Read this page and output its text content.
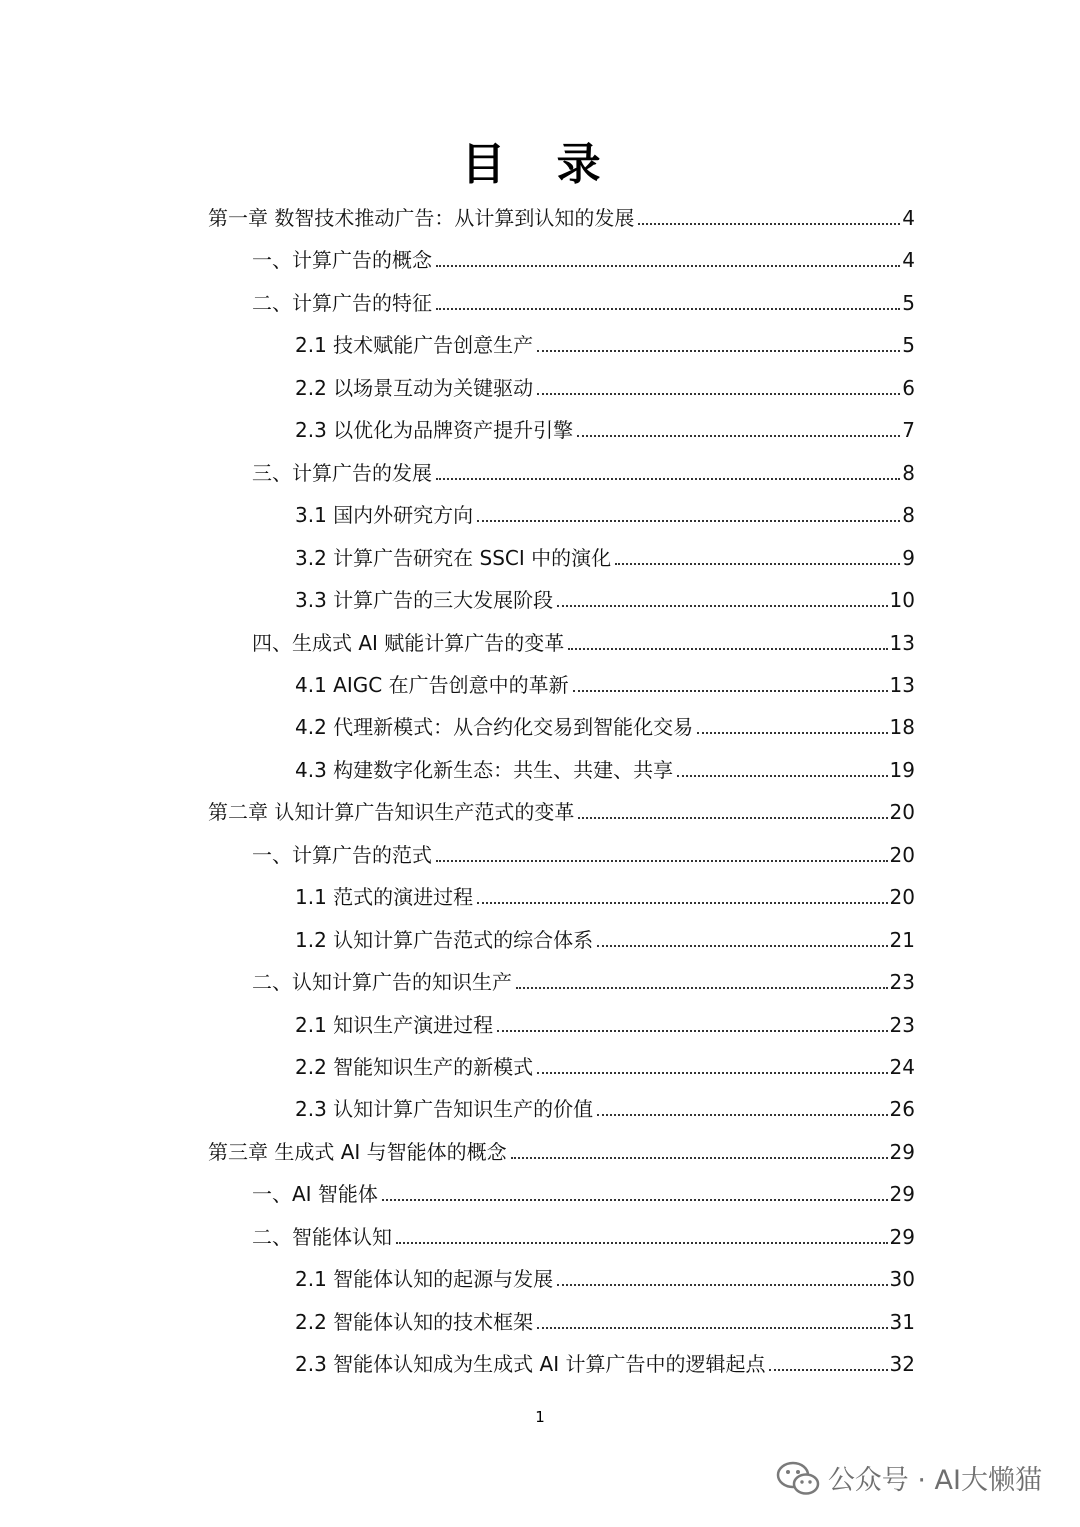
目 录
第一章 数智技术推动广告：从计算到认知的发展	4
一、计算广告的概念	4
二、计算广告的特征	5
2.1 技术赋能广告创意生产	5
2.2 以场景互动为关键驱动	6
2.3 以优化为品牌资产提升引擎	7
三、计算广告的发展	8
3.1 国内外研究方向	8
3.2 计算广告研究在 SSCI 中的演化	9
3.3 计算广告的三大发展阶段	10
四、生成式 AI 赋能计算广告的变革	13
4.1 AIGC 在广告创意中的革新	13
4.2 代理新模式：从合约化交易到智能化交易	18
4.3 构建数字化新生态：共生、共建、共享	19
第二章 认知计算广告知识生产范式的变革	20
一、计算广告的范式	20
1.1 范式的演进过程	20
1.2 认知计算广告范式的综合体系	21
二、认知计算广告的知识生产	23
2.1 知识生产演进过程	23
2.2 智能知识生产的新模式	24
2.3 认知计算广告知识生产的价值	26
第三章 生成式 AI 与智能体的概念	29
一、AI 智能体	29
二、智能体认知	29
2.1 智能体认知的起源与发展	30
2.2 智能体认知的技术框架	31
2.3 智能体认知成为生成式 AI 计算广告中的逻辑起点	32
1
公众号 · AI大懒猫
